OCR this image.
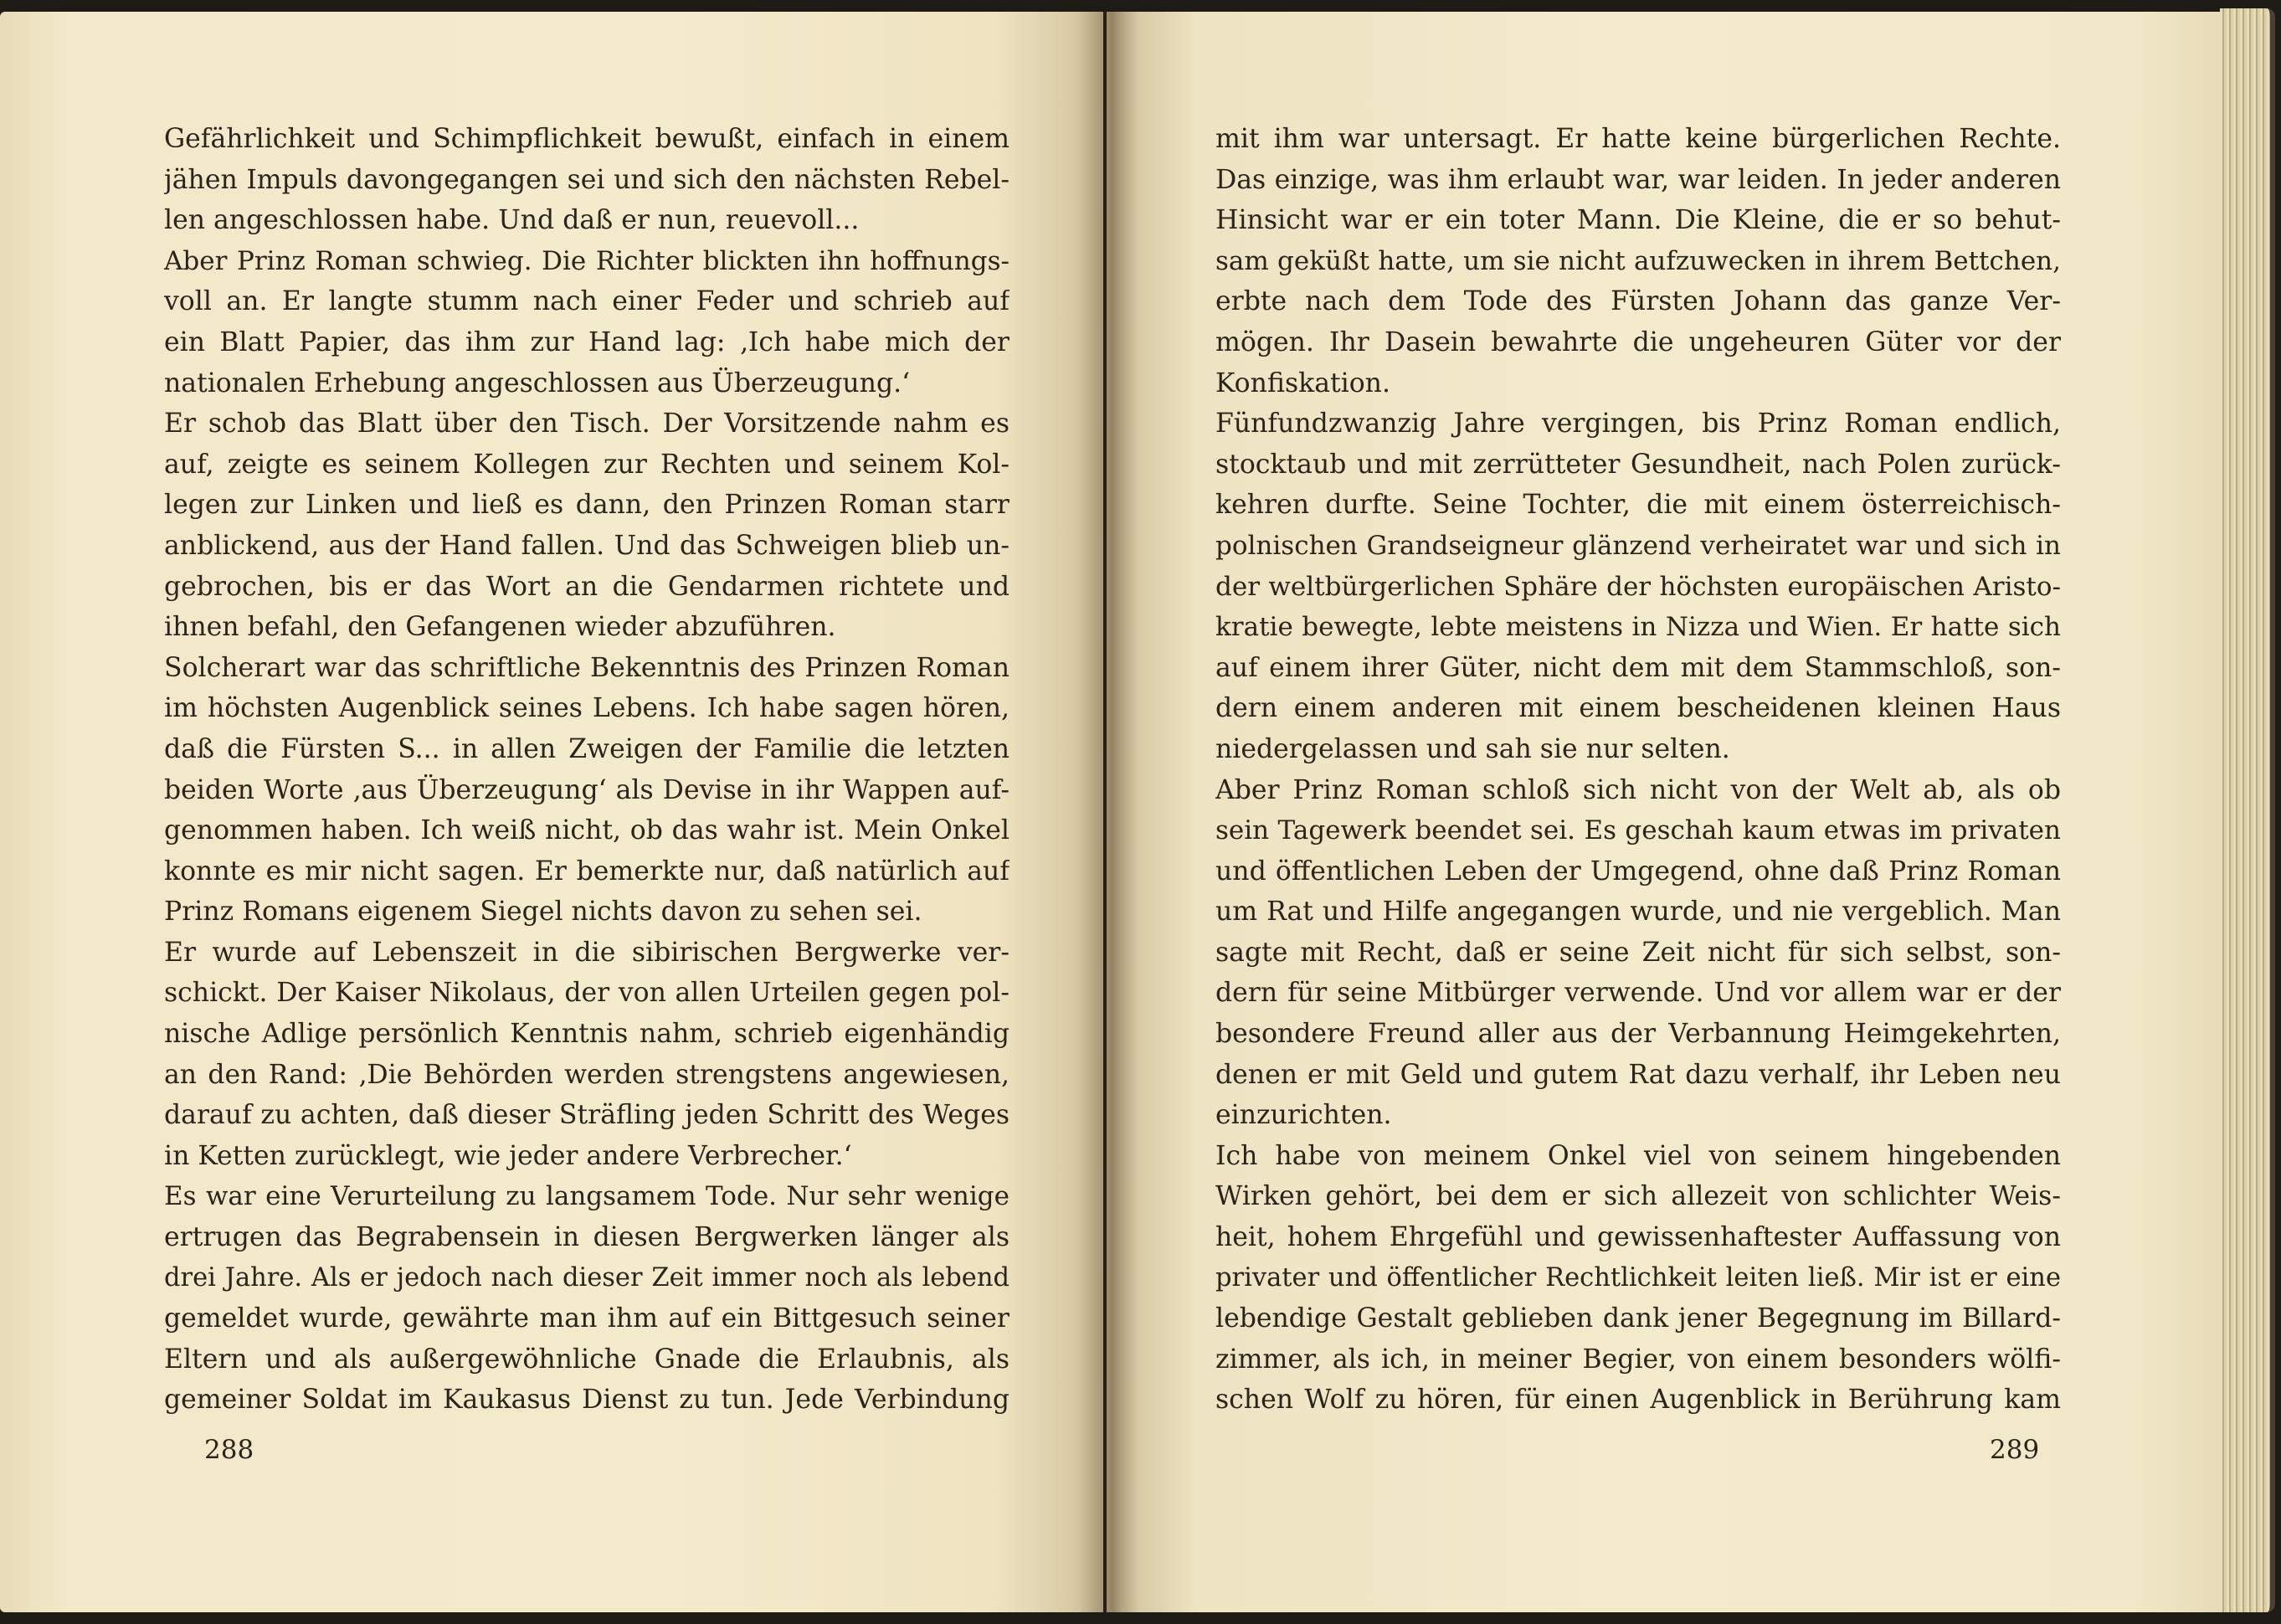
Gefährlichkeit und Schimpflichkeit bewußt, einfach in einem
jähen Impuls davongegangen sei und sich den nächsten Rebel-
len angeschlossen habe. Und daß er nun, reuevoll...
Aber Prinz Roman schwieg. Die Richter blickten ihn hoffnungs-
voll an. Er langte stumm nach einer Feder und schrieb auf
ein Blatt Papier, das ihm zur Hand lag: ‚Ich habe mich der
nationalen Erhebung angeschlossen aus Überzeugung.‘
Er schob das Blatt über den Tisch. Der Vorsitzende nahm es
auf, zeigte es seinem Kollegen zur Rechten und seinem Kol-
legen zur Linken und ließ es dann, den Prinzen Roman starr
anblickend, aus der Hand fallen. Und das Schweigen blieb un-
gebrochen, bis er das Wort an die Gendarmen richtete und
ihnen befahl, den Gefangenen wieder abzuführen.
Solcherart war das schriftliche Bekenntnis des Prinzen Roman
im höchsten Augenblick seines Lebens. Ich habe sagen hören,
daß die Fürsten S... in allen Zweigen der Familie die letzten
beiden Worte ‚aus Überzeugung‘ als Devise in ihr Wappen auf-
genommen haben. Ich weiß nicht, ob das wahr ist. Mein Onkel
konnte es mir nicht sagen. Er bemerkte nur, daß natürlich auf
Prinz Romans eigenem Siegel nichts davon zu sehen sei.
Er wurde auf Lebenszeit in die sibirischen Bergwerke ver-
schickt. Der Kaiser Nikolaus, der von allen Urteilen gegen pol-
nische Adlige persönlich Kenntnis nahm, schrieb eigenhändig
an den Rand: ‚Die Behörden werden strengstens angewiesen,
darauf zu achten, daß dieser Sträfling jeden Schritt des Weges
in Ketten zurücklegt, wie jeder andere Verbrecher.‘
Es war eine Verurteilung zu langsamem Tode. Nur sehr wenige
ertrugen das Begrabensein in diesen Bergwerken länger als
drei Jahre. Als er jedoch nach dieser Zeit immer noch als lebend
gemeldet wurde, gewährte man ihm auf ein Bittgesuch seiner
Eltern und als außergewöhnliche Gnade die Erlaubnis, als
gemeiner Soldat im Kaukasus Dienst zu tun. Jede Verbindung
288
mit ihm war untersagt. Er hatte keine bürgerlichen Rechte.
Das einzige, was ihm erlaubt war, war leiden. In jeder anderen
Hinsicht war er ein toter Mann. Die Kleine, die er so behut-
sam geküßt hatte, um sie nicht aufzuwecken in ihrem Bettchen,
erbte nach dem Tode des Fürsten Johann das ganze Ver-
mögen. Ihr Dasein bewahrte die ungeheuren Güter vor der
Konfiskation.
Fünfundzwanzig Jahre vergingen, bis Prinz Roman endlich,
stocktaub und mit zerrütteter Gesundheit, nach Polen zurück-
kehren durfte. Seine Tochter, die mit einem österreichisch-
polnischen Grandseigneur glänzend verheiratet war und sich in
der weltbürgerlichen Sphäre der höchsten europäischen Aristo-
kratie bewegte, lebte meistens in Nizza und Wien. Er hatte sich
auf einem ihrer Güter, nicht dem mit dem Stammschloß, son-
dern einem anderen mit einem bescheidenen kleinen Haus
niedergelassen und sah sie nur selten.
Aber Prinz Roman schloß sich nicht von der Welt ab, als ob
sein Tagewerk beendet sei. Es geschah kaum etwas im privaten
und öffentlichen Leben der Umgegend, ohne daß Prinz Roman
um Rat und Hilfe angegangen wurde, und nie vergeblich. Man
sagte mit Recht, daß er seine Zeit nicht für sich selbst, son-
dern für seine Mitbürger verwende. Und vor allem war er der
besondere Freund aller aus der Verbannung Heimgekehrten,
denen er mit Geld und gutem Rat dazu verhalf, ihr Leben neu
einzurichten.
Ich habe von meinem Onkel viel von seinem hingebenden
Wirken gehört, bei dem er sich allezeit von schlichter Weis-
heit, hohem Ehrgefühl und gewissenhaftester Auffassung von
privater und öffentlicher Rechtlichkeit leiten ließ. Mir ist er eine
lebendige Gestalt geblieben dank jener Begegnung im Billard-
zimmer, als ich, in meiner Begier, von einem besonders wölfi-
schen Wolf zu hören, für einen Augenblick in Berührung kam
289
